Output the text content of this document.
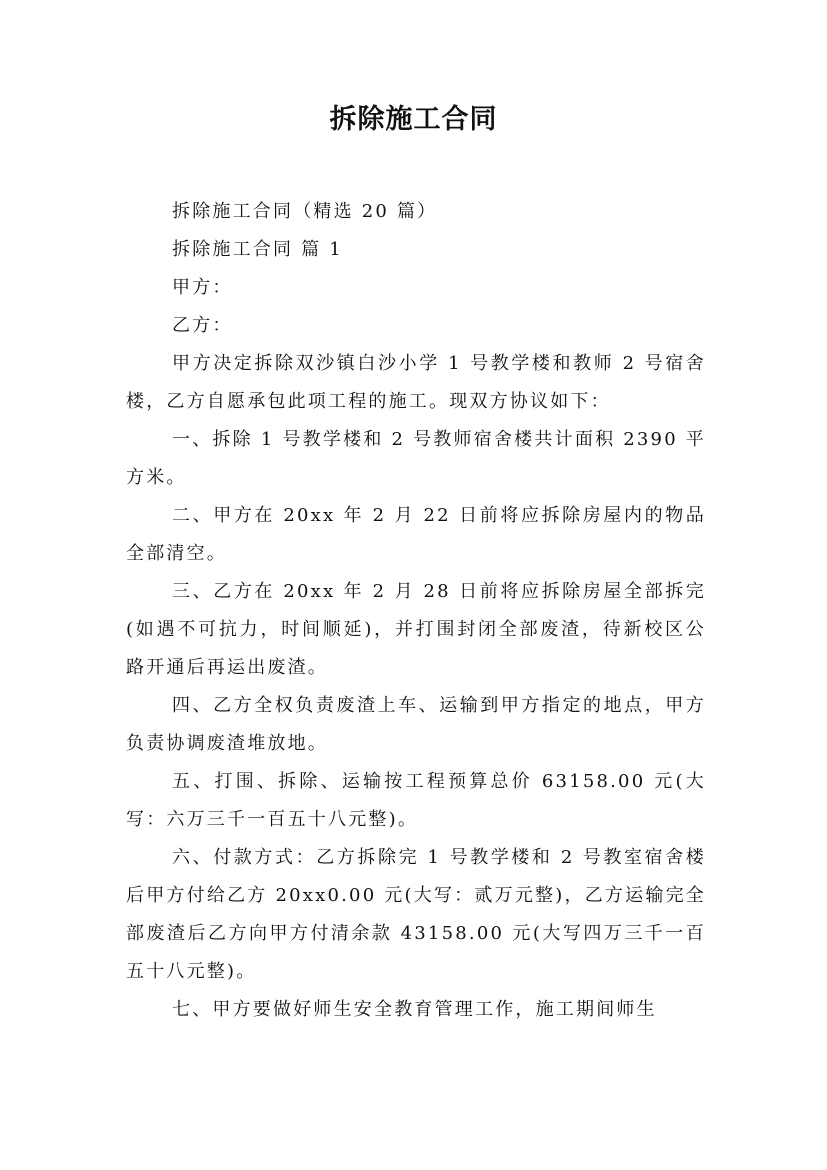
拆除施工合同

拆除施工合同（精选 20 篇）

拆除施工合同 篇 1

甲方：

乙方：

甲方决定拆除双沙镇白沙小学 1 号教学楼和教师 2 号宿舍楼，乙方自愿承包此项工程的施工。现双方协议如下：

一、拆除 1 号教学楼和 2 号教师宿舍楼共计面积 2390 平方米。

二、甲方在 20xx 年 2 月 22 日前将应拆除房屋内的物品全部清空。

三、乙方在 20xx 年 2 月 28 日前将应拆除房屋全部拆完(如遇不可抗力，时间顺延)，并打围封闭全部废渣，待新校区公路开通后再运出废渣。

四、乙方全权负责废渣上车、运输到甲方指定的地点，甲方负责协调废渣堆放地。

五、打围、拆除、运输按工程预算总价 63158.00 元(大写：六万三千一百五十八元整)。

六、付款方式：乙方拆除完 1 号教学楼和 2 号教室宿舍楼后甲方付给乙方 20xx0.00 元(大写：贰万元整)，乙方运输完全部废渣后乙方向甲方付清余款 43158.00 元(大写四万三千一百五十八元整)。

七、甲方要做好师生安全教育管理工作，施工期间师生
